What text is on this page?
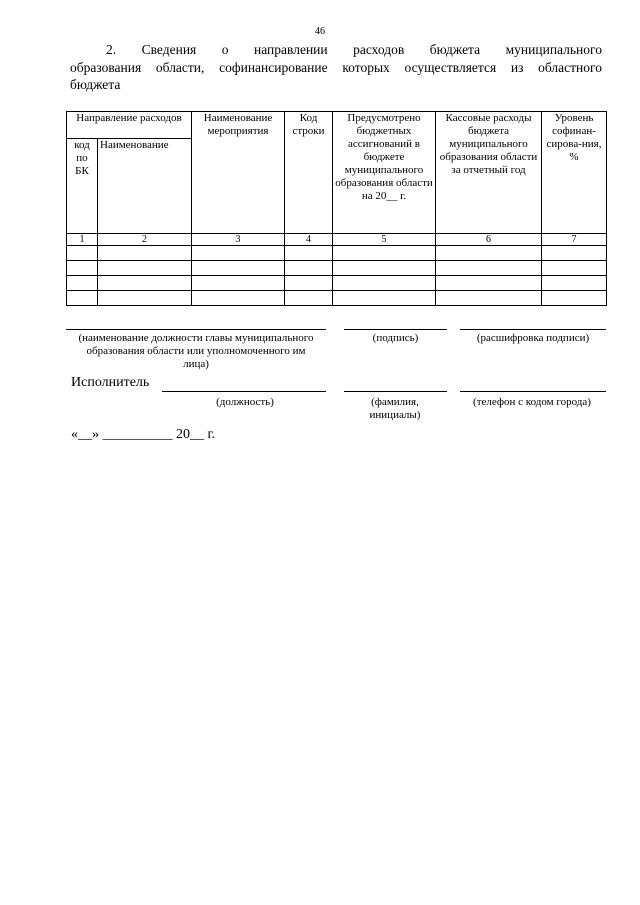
46
2. Сведения о направлении расходов бюджета муниципального
образования области, софинансирование которых осуществляется из областного
бюджета
Направление расходов		Наименование мероприятия	Код строки	Предусмотрено бюджетных ассигнований в бюджете муниципального образования области на 20__ г.	Кассовые расходы бюджета муниципального образования области за отчетный год	Уровень софинан-сирова-ния, %
код по БК	Наименование					
1	2	3	4	5	6	7

(наименование должности главы муниципального образования области или уполномоченного им лица)
(подпись)	(расшифровка подписи)
Исполнитель
(должность)	(фамилия, инициалы)
(телефон с кодом города)
«__» __________ 20__ г.
